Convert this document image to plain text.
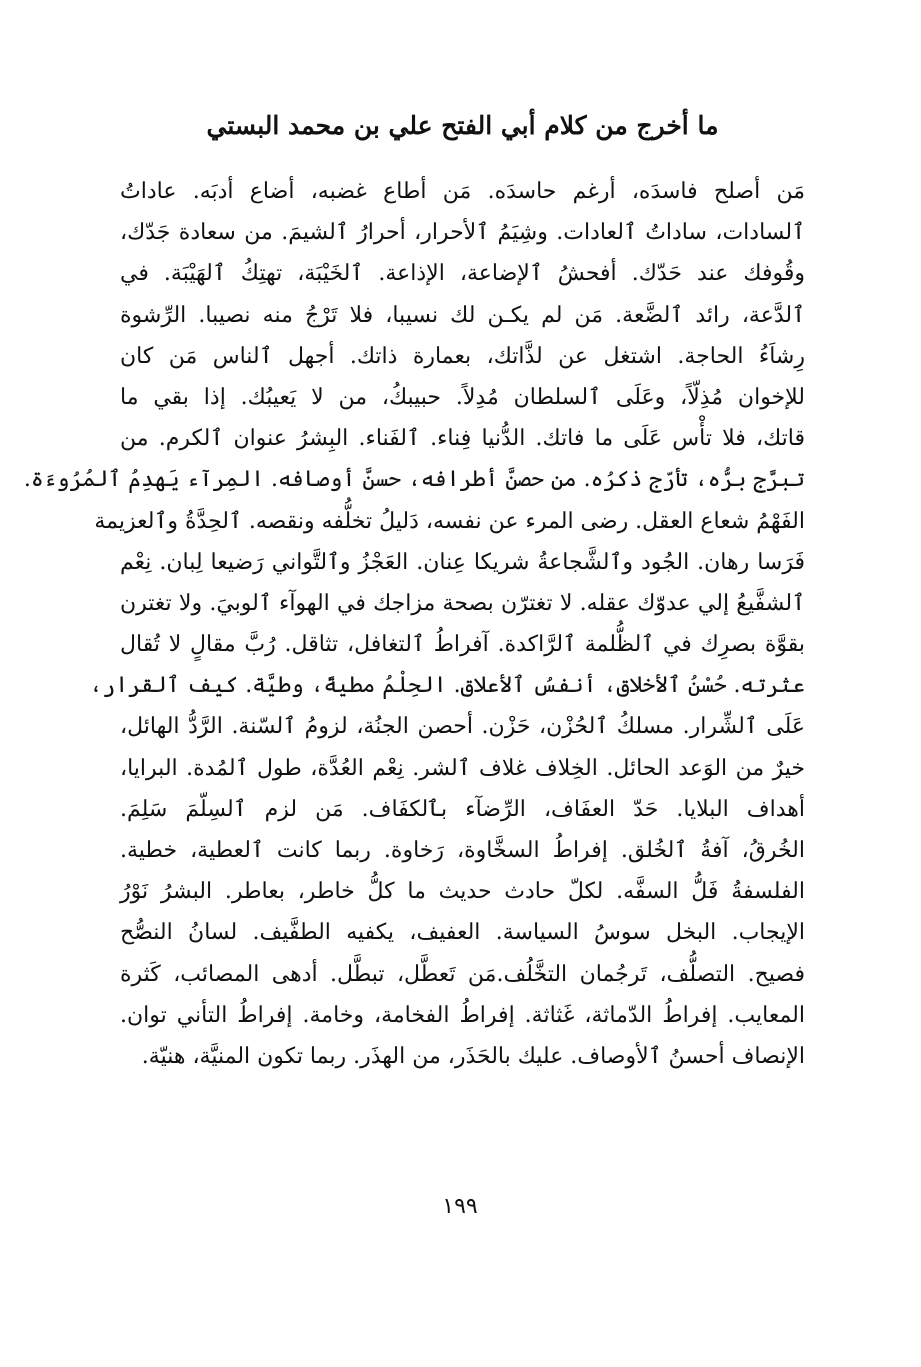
ما أخرج من كلام أبي الفتح علي بن محمد البستي
مَن أصلح فاسدَه، أرغم حاسدَه. مَن أطاع غضبه، أضاع أدبَه. عاداتُ
ٱلسادات، ساداتُ ٱلعادات. وشِيَمُ ٱلأحرار، أحرارُ ٱلشيمَ. من سعادة جَدّك،
وقُوفك عند حَدّك. أفحشُ ٱلإضاعة، الإذاعة. ٱلخَيْبَة، تهتِكُ ٱلهَيْبَة. في
ٱلدَّعة، رائد ٱلضَّعة. مَن لم يكـن لك نسيبا، فلا تَرْجُ منه نصيبا. الرِّشوة
رِشاَءُ الحاجة. اشتغل عن لذَّاتك، بعمارة ذاتك. أجهل ٱلناس مَن كان
للإخوان مُذِلّاً، وعَلَى ٱلسلطان مُدِلاً. حبيبكُ، من لا يَعيبُك. إذا بقي ما
قاتك، فلا تأْس عَلَى ما فاتك. الدُّنيا فِناء. ٱلفَناء. البِشرُ عنوان ٱلكرم. من
تبرَّج برُّه، تأرّج ذكرُه. من حصنَّ أطرافه، حسنَّ أوصافه. المِرآء يَهدِمُ ٱلمُرُوءَة.
الفَهْمُ شعاع العقل. رضى المرء عن نفسه، دَليلُ تخلُّفه ونقصه. ٱلحِدَّةُ وٱلعزيمة
فَرَسا رهان. الجُود وٱلشَّجاعةُ شريكا عِنان. العَجْزُ وٱلتَّواني رَضيعا لِبان. نِعْم
ٱلشفَّيعُ إلي عدوّك عقله. لا تغترّن بصحة مزاجك في الهوآء ٱلوبيَ. ولا تغترن
بقوَّة بصرِك في ٱلظُّلمة ٱلرَّاكدة. آفراطُ ٱلتغافل، تثاقل. رُبَّ مقالٍ لا تُقال
عثرته. حُسْنُ ٱلأخلاق، أنفسُ ٱلأعلاق. الحِلْمُ مطيةً، وطيَّة. كيف ٱلقرار،
عَلَى ٱلشِّرار. مسلكُ ٱلحُزْن، حَزْن. أحصن الجنُة، لزومُ ٱلسّنة. الرَّدُّ الهائل،
خيرٌ من الوَعد الحائل. الخِلاف غلاف ٱلشر. نِعْم العُدَّة، طول ٱلمُدة. البرايا،
أهداف البلايا. حَدّ العفَاف، الرِّضآء بٱلكفَاف. مَن لزم ٱلسِلّمَ سَلِمَ.
الخُرقُ، آفةُ ٱلخُلق. إفراطُ السخَّاوة، رَخاوة. ربما كانت ٱلعطية، خطية.
الفلسفةُ فَلُّ السفَّه. لكلّ حادث حديث ما كلُّ خاطر، بعاطر. البشرُ نَوْرُ
الإيجاب. البخل سوسُ السياسة. العفيف، يكفيه الطفَّيف. لسانُ النصُّح
فصيح. التصلُّف، تَرجُمان التخَّلُف.مَن تَعطَّل، تبطَّل. أدهى المصائب، كَثرة
المعايب. إفراطُ الدّماثة، غَثاثة. إفراطُ الفخامة، وخامة. إفراطُ التأني توان.
الإنصاف أحسنُ ٱلأوصاف. عليك بالحَذَر، من الهذَر. ربما تكون المنيَّة، هنيّة.
١٩٩
